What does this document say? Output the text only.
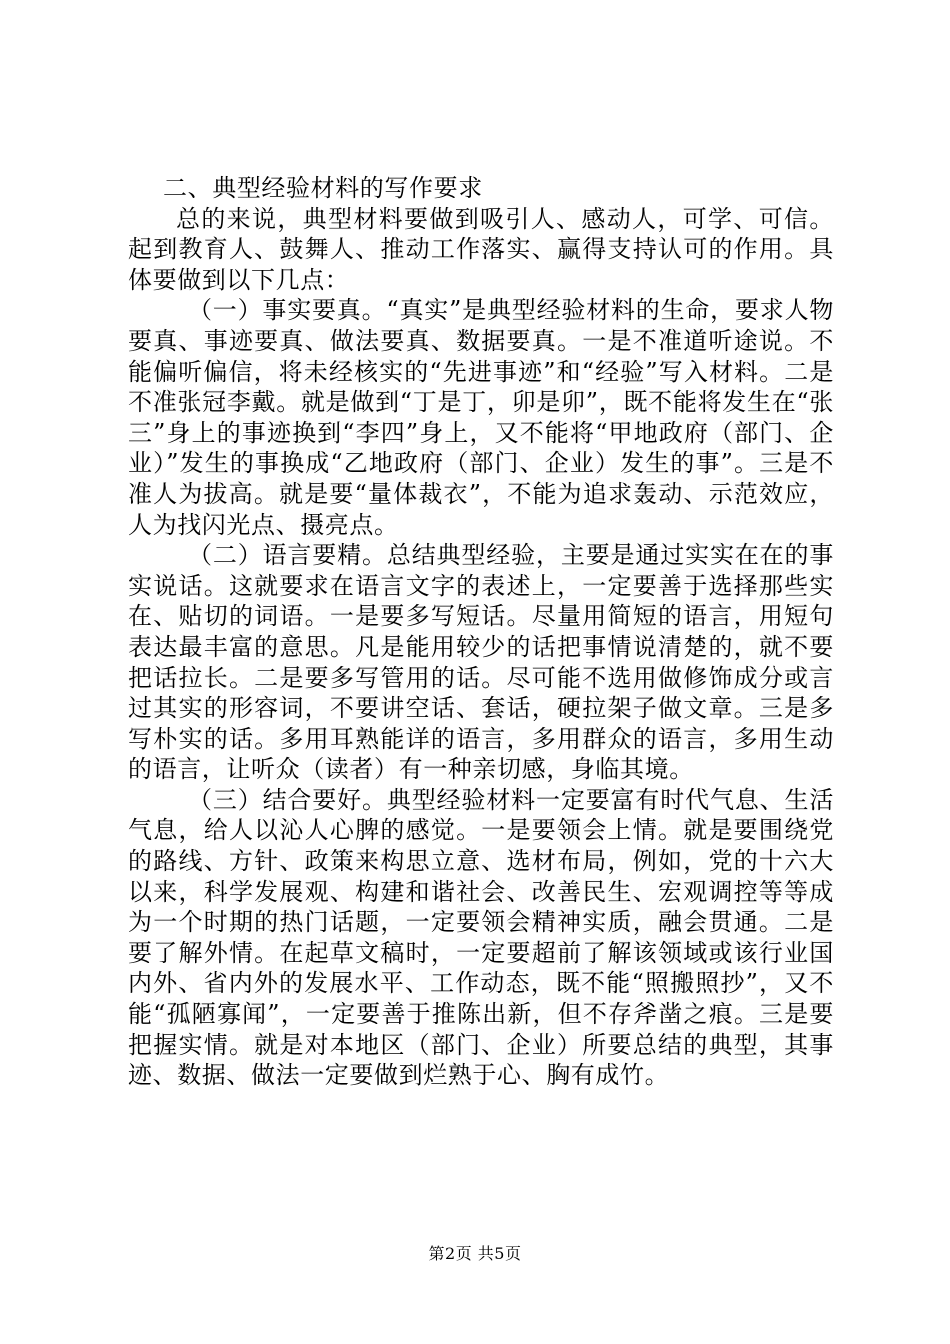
二、典型经验材料的写作要求

总的来说，典型材料要做到吸引人、感动人，可学、可信。起到教育人、鼓舞人、推动工作落实、赢得支持认可的作用。具体要做到以下几点：

（一）事实要真。“真实”是典型经验材料的生命，要求人物要真、事迹要真、做法要真、数据要真。一是不准道听途说。不能偏听偏信，将未经核实的“先进事迹”和“经验”写入材料。二是不准张冠李戴。就是做到“丁是丁，卯是卯”，既不能将发生在“张三”身上的事迹换到“李四”身上，又不能将“甲地政府（部门、企业）”发生的事换成“乙地政府（部门、企业）发生的事”。三是不准人为拔高。就是要“量体裁衣”，不能为追求轰动、示范效应，人为找闪光点、摄亮点。

（二）语言要精。总结典型经验，主要是通过实实在在的事实说话。这就要求在语言文字的表述上，一定要善于选择那些实在、贴切的词语。一是要多写短话。尽量用简短的语言，用短句表达最丰富的意思。凡是能用较少的话把事情说清楚的，就不要把话拉长。二是要多写管用的话。尽可能不选用做修饰成分或言过其实的形容词，不要讲空话、套话，硬拉架子做文章。三是多写朴实的话。多用耳熟能详的语言，多用群众的语言，多用生动的语言，让听众（读者）有一种亲切感，身临其境。

（三）结合要好。典型经验材料一定要富有时代气息、生活气息，给人以沁人心脾的感觉。一是要领会上情。就是要围绕党的路线、方针、政策来构思立意、选材布局，例如，党的十六大以来，科学发展观、构建和谐社会、改善民生、宏观调控等等成为一个时期的热门话题，一定要领会精神实质，融会贯通。二是要了解外情。在起草文稿时，一定要超前了解该领域或该行业国内外、省内外的发展水平、工作动态，既不能“照搬照抄”，又不能“孤陋寡闻”，一定要善于推陈出新，但不存斧凿之痕。三是要把握实情。就是对本地区（部门、企业）所要总结的典型，其事迹、数据、做法一定要做到烂熟于心、胸有成竹。

第2页 共5页
